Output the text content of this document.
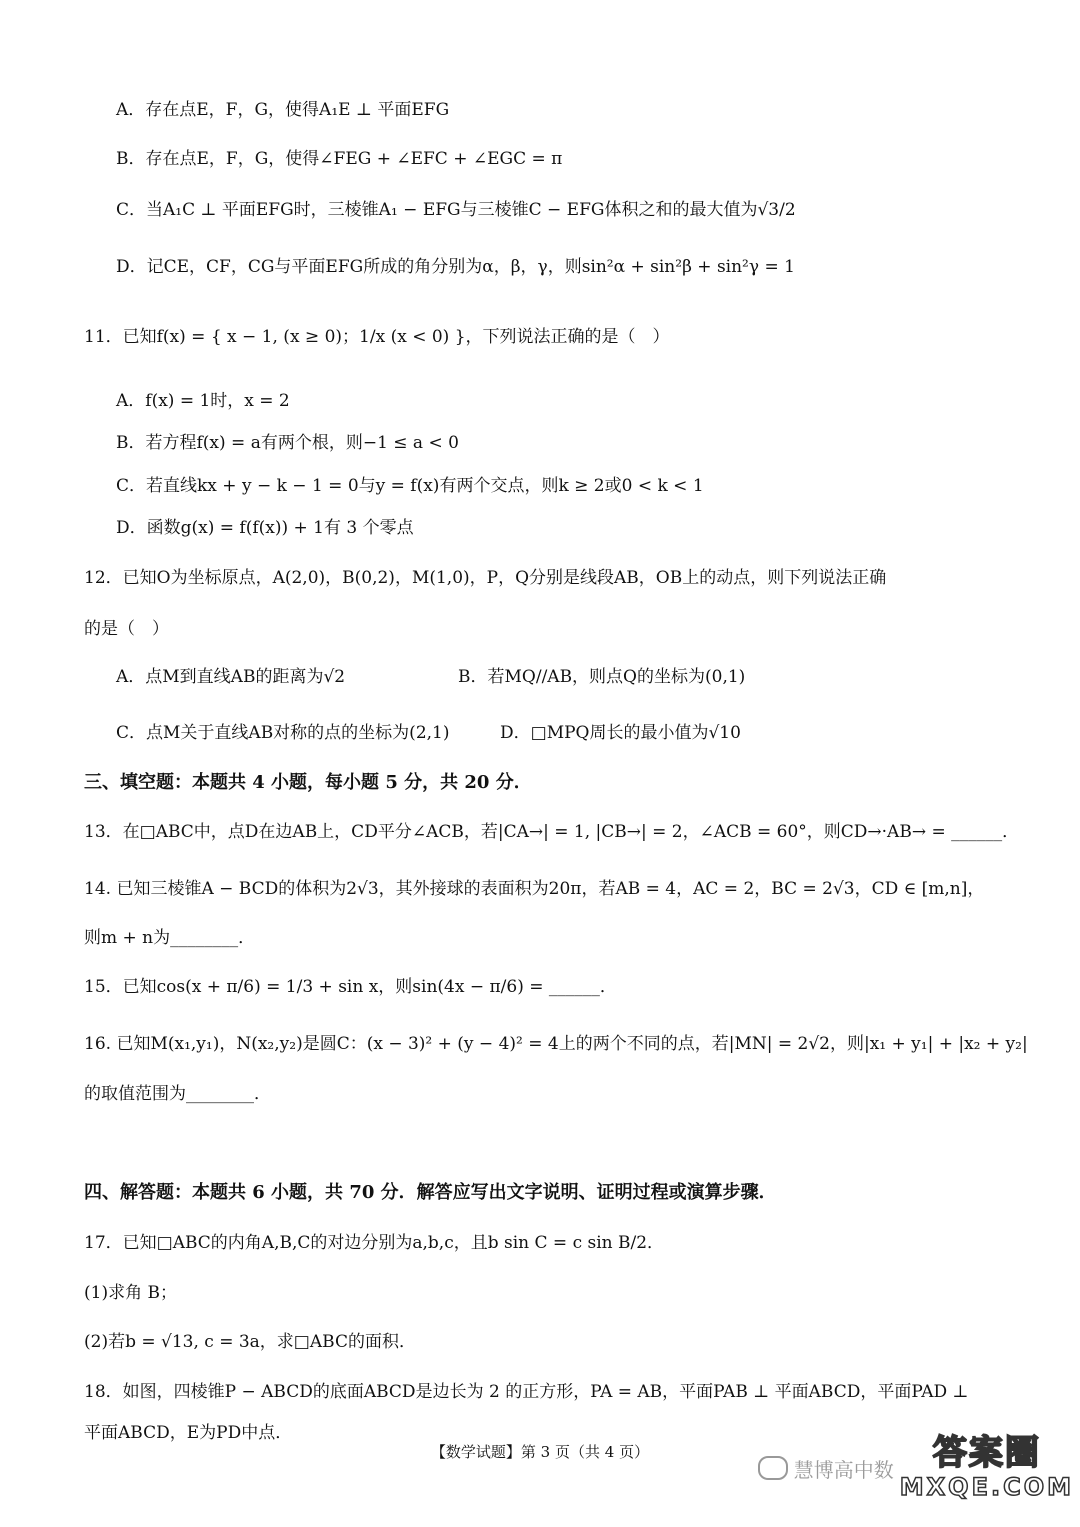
A．存在点E，F，G，使得A₁E ⊥ 平面EFG
B．存在点E，F，G，使得∠FEG + ∠EFC + ∠EGC = π
C．当A₁C ⊥ 平面EFG时，三棱锥A₁ − EFG与三棱锥C − EFG体积之和的最大值为√3/2
D．记CE，CF，CG与平面EFG所成的角分别为α，β，γ，则sin²α + sin²β + sin²γ = 1
11．已知f(x) = { x − 1, (x ≥ 0)；1/x (x < 0) }，下列说法正确的是（　）
A．f(x) = 1时，x = 2
B．若方程f(x) = a有两个根，则−1 ≤ a < 0
C．若直线kx + y − k − 1 = 0与y = f(x)有两个交点，则k ≥ 2或0 < k < 1
D．函数g(x) = f(f(x)) + 1有 3 个零点
12．已知O为坐标原点，A(2,0)，B(0,2)，M(1,0)，P，Q分别是线段AB，OB上的动点，则下列说法正确
的是（　）
A．点M到直线AB的距离为√2	B．若MQ//AB，则点Q的坐标为(0,1)
C．点M关于直线AB对称的点的坐标为(2,1)	D．□MPQ周长的最小值为√10
三、填空题：本题共 4 小题，每小题 5 分，共 20 分．
13．在□ABC中，点D在边AB上，CD平分∠ACB，若|CA→| = 1, |CB→| = 2，∠ACB = 60°，则CD→·AB→ = ______．
14. 已知三棱锥A − BCD的体积为2√3，其外接球的表面积为20π，若AB = 4，AC = 2，BC = 2√3，CD ∈ [m,n]，
则m + n为________．
15．已知cos(x + π/6) = 1/3 + sin x，则sin(4x − π/6) = ______．
16. 已知M(x₁,y₁)，N(x₂,y₂)是圆C：(x − 3)² + (y − 4)² = 4上的两个不同的点，若|MN| = 2√2，则|x₁ + y₁| + |x₂ + y₂|
的取值范围为________．
四、解答题：本题共 6 小题，共 70 分．解答应写出文字说明、证明过程或演算步骤．
17．已知□ABC的内角A,B,C的对边分别为a,b,c，且b sin C = c sin B/2．
(1)求角 B；
(2)若b = √13, c = 3a，求□ABC的面积．
18．如图，四棱锥P − ABCD的底面ABCD是边长为 2 的正方形，PA = AB，平面PAB ⊥ 平面ABCD，平面PAD ⊥
平面ABCD，E为PD中点．
【数学试题】第 3 页（共 4 页）
慧博高中数 答案圈
MXQE.COM
